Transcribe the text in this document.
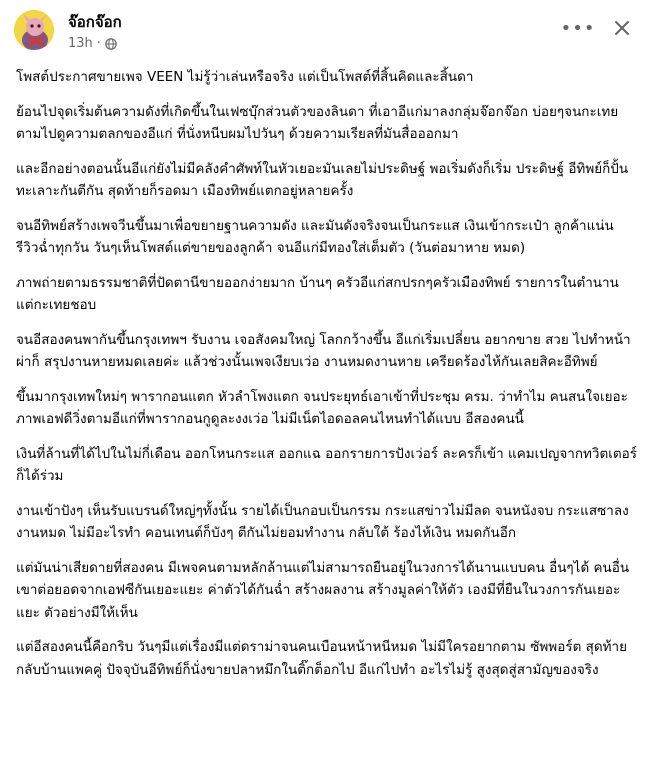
จ๊อกจ๊อก
13h ·
•••

โพสต์ประกาศขายเพจ VEEN ไม่รู้ว่าเล่นหรือจริง แต่เป็นโพสต์ที่สิ้นคิดและสิ้นดา

ย้อนไปจุดเริ่มต้นความดังที่เกิดขึ้นในเฟซบุ๊กส่วนตัวของลินดา ที่เอาอีแก่มาลงกลุ่มจ๊อกจ๊อก บ่อยๆจนกะเทยตามไปดูความตลกของอีแก่ ที่นั่งหนีบผมไปวันๆ ด้วยความเรียลที่มันสื่อออกมา

และอีกอย่างตอนนั้นอีแก่ยังไม่มีคลังคำศัพท์ในหัวเยอะมันเลยไม่ประดิษฐ์ พอเริ่มดังก็เริ่ม ประดิษฐ์ อีทิพย์ก็ปั้น ทะเลาะกันตีกัน สุดท้ายก็รอดมา เมืองทิพย์แตกอยู่หลายครั้ง

จนอีทิพย์สร้างเพจวีนขึ้นมาเพื่อขยายฐานความดัง และมันดังจริงจนเป็นกระแส เงินเข้ากระเป๋า ลูกค้าแน่น รีวิวฉ่ำทุกวัน วันๆเห็นโพสต์แต่ขายของลูกค้า จนอีแก่มีทองใส่เต็มตัว (วันต่อมาหาย หมด)

ภาพถ่ายตามธรรมชาติที่ปัดตานีขายออกง่ายมาก บ้านๆ ครัวอีแก่สกปรกๆครัวเมืองทิพย์ รายการในตำนาน แต่กะเทยชอบ

จนอีสองคนพากันขึ้นกรุงเทพฯ รับงาน เจอสังคมใหญ่ โลกกว้างขึ้น อีแก่เริ่มเปลี่ยน อยากขาย สวย ไปทำหน้า ผ่าก็ สรุปงานหายหมดเลยค่ะ แล้วช่วงนั้นเพจเงียบเว่อ งานหมดงานหาย เครียดร้องไห้กันเลยสิคะอีทิพย์

ขึ้นมากรุงเทพใหม่ๆ พารากอนแตก หัวลำโพงแตก จนประยุทธ์เอาเข้าที่ประชุม ครม. ว่าทำไม คนสนใจเยอะ ภาพเอฟดีวิ่งตามอีแก่ที่พารากอนกูดูละงงเว่อ ไม่มีเน็ตไอดอลคนไหนทำได้แบบ อีสองคนนี้

เงินที่ล้านที่ได้ไปในไม่กี่เดือน ออกโหนกระแส ออกแฉ ออกรายการปังเว่อร์ ละครก็เข้า แคมเปญจากทวิตเตอร์ก็ได้ร่วม

งานเข้าปังๆ เห็นรับแบรนด์ใหญ่ๆทั้งนั้น รายได้เป็นกอบเป็นกรรม กระแสข่าวไม่มีลด จนหนังจบ กระแสซาลง งานหมด ไม่มีอะไรทำ คอนเทนต์ก็บังๆ ตีกันไม่ยอมทำงาน กลับใต้ ร้องไห้เงิน หมดกันอีก

แต่มันน่าเสียดายที่สองคน มีเพจคนตามหลักล้านแต่ไม่สามารถยืนอยู่ในวงการได้นานแบบคน อื่นๆได้ คนอื่นเขาต่อยอดจากเอฟซีกันเยอะแยะ ค่าตัวได้กันฉ่ำ สร้างผลงาน สร้างมูลค่าให้ตัว เองมีที่ยืนในวงการกันเยอะแยะ ตัวอย่างมีให้เห็น

แต่อีสองคนนี้คือกริบ วันๆมีแต่เรื่องมีแต่ดราม่าจนคนเบือนหน้าหนีหมด ไม่มีใครอยากตาม ซัพพอร์ต สุดท้ายกลับบ้านแพคคู่ ปัจจุบันอีทิพย์ก็นั่งขายปลาหมึกในติ๊กต็อกไป อีแก่ไปทำ อะไรไม่รู้ สูงสุดสู่สามัญของจริง
